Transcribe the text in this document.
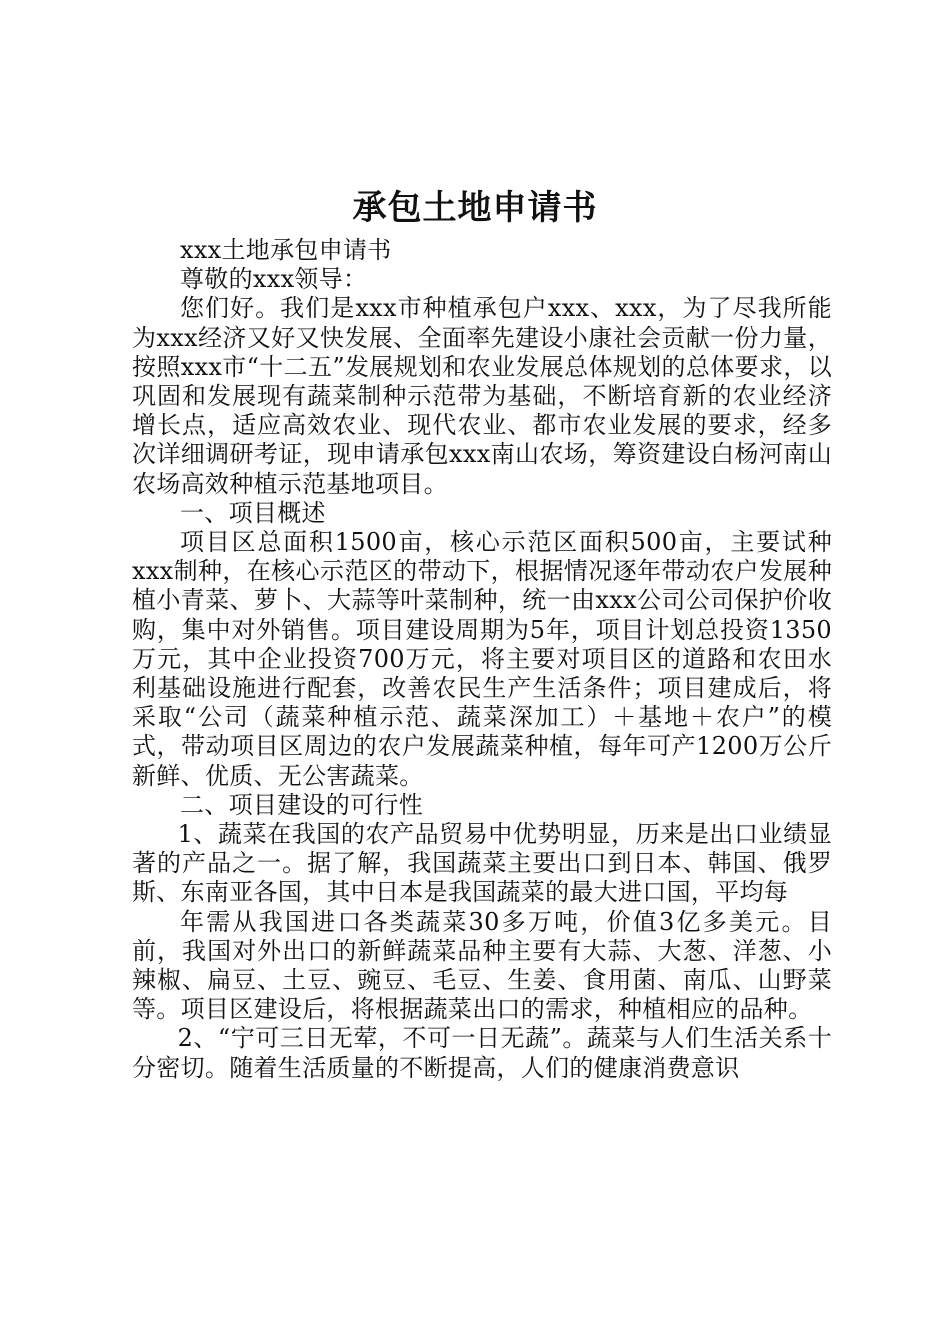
承包土地申请书

xxx土地承包申请书

尊敬的xxx领导：

您们好。我们是xxx市种植承包户xxx、xxx，为了尽我所能为xxx经济又好又快发展、全面率先建设小康社会贡献一份力量，按照xxx市“十二五”发展规划和农业发展总体规划的总体要求，以巩固和发展现有蔬菜制种示范带为基础，不断培育新的农业经济增长点，适应高效农业、现代农业、都市农业发展的要求，经多次详细调研考证，现申请承包xxx南山农场，筹资建设白杨河南山农场高效种植示范基地项目。

一、项目概述

项目区总面积1500亩，核心示范区面积500亩，主要试种xxx制种，在核心示范区的带动下，根据情况逐年带动农户发展种植小青菜、萝卜、大蒜等叶菜制种，统一由xxx公司公司保护价收购，集中对外销售。项目建设周期为5年，项目计划总投资1350万元，其中企业投资700万元，将主要对项目区的道路和农田水利基础设施进行配套，改善农民生产生活条件；项目建成后，将采取“公司（蔬菜种植示范、蔬菜深加工）＋基地＋农户”的模式，带动项目区周边的农户发展蔬菜种植，每年可产1200万公斤新鲜、优质、无公害蔬菜。

二、项目建设的可行性

1、蔬菜在我国的农产品贸易中优势明显，历来是出口业绩显著的产品之一。据了解，我国蔬菜主要出口到日本、韩国、俄罗斯、东南亚各国，其中日本是我国蔬菜的最大进口国，平均每

年需从我国进口各类蔬菜30多万吨，价值3亿多美元。目前，我国对外出口的新鲜蔬菜品种主要有大蒜、大葱、洋葱、小辣椒、扁豆、土豆、豌豆、毛豆、生姜、食用菌、南瓜、山野菜等。项目区建设后，将根据蔬菜出口的需求，种植相应的品种。

2、“宁可三日无荤，不可一日无蔬”。蔬菜与人们生活关系十分密切。随着生活质量的不断提高，人们的健康消费意识
